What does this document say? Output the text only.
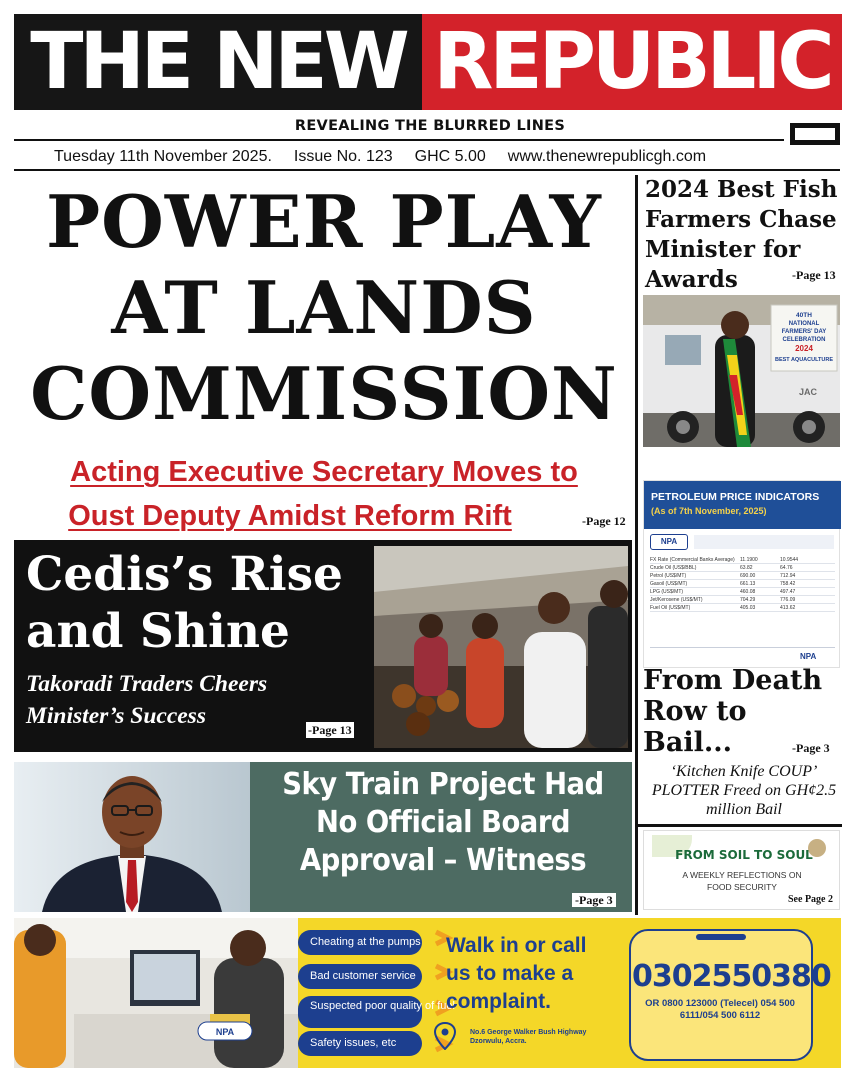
THE NEW REPUBLIC
REVEALING THE BLURRED LINES
Tuesday 11th November 2025. Issue No. 123 GHC 5.00 www.thenewrepublicgh.com
POWER PLAY
AT LANDS
COMMISSION
Acting Executive Secretary Moves to
Oust Deputy Amidst Reform Rift	-Page 12
Cedis’s Rise
and Shine
Takoradi Traders Cheers
Minister’s Success
-Page 13
Sky Train Project Had
No Official Board
Approval – Witness
-Page 3
2024 Best Fish Farmers Chase Minister for Awards	-Page 13
40TH
NATIONAL
FARMERS' DAY
CELEBRATION
2024
BEST AQUACULTURE
JAC
PETROLEUM PRICE INDICATORS
(As of 7th November, 2025)
NPA
FX Rate (Commercial Banks Average) 11.1900	10.9544
Crude Oil (US$/BBL)	63.82	64.76
Petrol (US$/MT)	690.00	712.94
Gasoil (US$/MT)	661.13	758.42
LPG (US$/MT)	460.08	497.47
Jet/Kerosene (US$/MT)	704.29	776.09
Fuel Oil (US$/MT)	405.03	413.62
NPA
From Death Row to Bail...	-Page 3
‘Kitchen Knife COUP’ PLOTTER Freed on GH¢2.5 million Bail
FROM SOIL TO SOUL
A WEEKLY REFLECTIONS ON FOOD SECURITY
See Page 2
NPA
Cheating at the pumps
Bad customer service
Suspected poor quality of fuel
Safety issues, etc
Walk in or call us to make a complaint.
No.6 George Walker Bush Highway Dzorwulu, Accra.
0302550380
OR 0800 123000 (Telecel) 054 500 6111/054 500 6112
